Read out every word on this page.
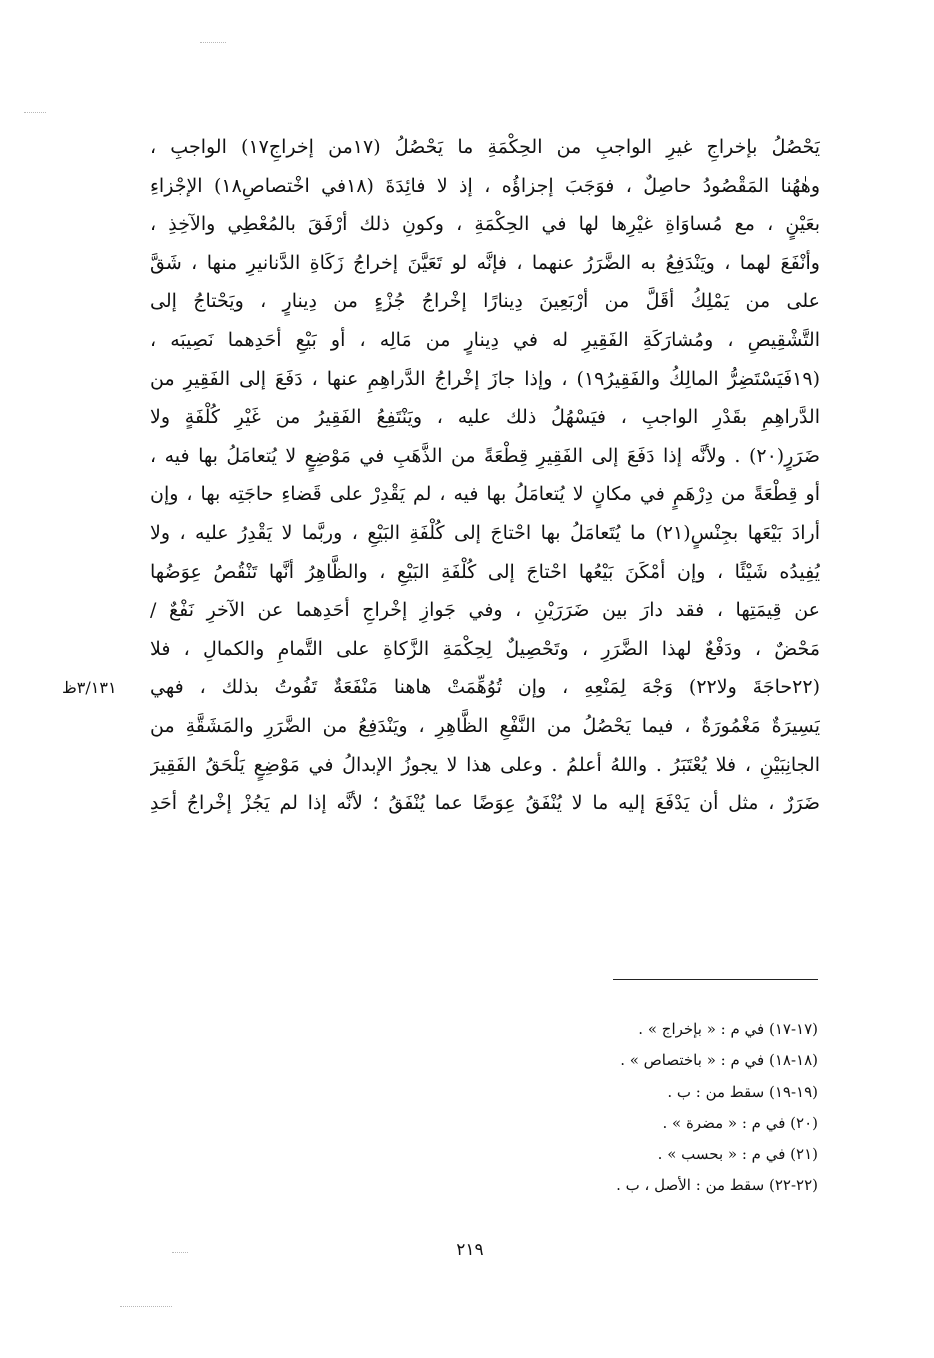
يَحْصُلُ بإخراجِ غيرِ الواجبِ من الحِكْمَةِ ما يَحْصُلُ (١٧من إخراجِ١٧) الواجبِ ،
وهٰهُنا المَقْصُودُ حاصِلٌ ، فوَجَبَ إجزاؤُه ، إذ لا فائِدَةَ (١٨في اخْتصاصِ١٨) الإجْزاءِ
بعَيْنٍ ، مع مُساوَاةِ غيْرِها لها في الحِكْمَةِ ، وكونِ ذلك أرْفَقَ بالمُعْطِي والآخِذِ ،
وأنْفَعَ لهما ، ويَنْدَفِعُ به الضَّرَرُ عنهما ، فإنَّه لو تَعَيَّنَ إخراجُ زَكَاةِ الدَّنانيرِ منها ، شَقَّ
على من يَمْلِكُ أقَلَّ من أرْبَعِينَ دِينارًا إخْراجُ جُزْءٍ من دِينارٍ ، ويَحْتاجُ إلى
التَّشْقِيصِ ، ومُشارَكَةِ الفَقِيرِ له في دِينارٍ من مَالِه ، أو بَيْعِ أحَدِهما نَصِيبَه ،
(١٩فَيَسْتَضِرُّ المالِكُ والفَقِيرُ١٩) ، وإذا جازَ إخْراجُ الدَّراهِمِ عنها ، دَفَعَ إلى الفَقِيرِ من
الدَّراهِمِ بقَدْرِ الواجبِ ، فيَسْهُلُ ذلك عليه ، ويَنْتَفِعُ الفَقِيرُ من غَيْرِ كُلْفَةٍ ولا
ضَرَرٍ(٢٠) . ولأنَّه إذا دَفَعَ إلى الفَقِيرِ قِطْعَةً من الذَّهَبِ في مَوْضِعٍ لا يُتعامَلُ بها فيه ،
أو قِطْعَةً من دِرْهَمٍ في مكانٍ لا يُتعامَلُ بها فيه ، لم يَقْدِرْ على قَضاءِ حاجَتِه بها ، وإن
أرادَ بَيْعَها بجِنْسٍ(٢١) ما يُتَعامَلُ بها احْتاجَ إلى كُلْفَةِ البَيْعِ ، وربَّما لا يَقْدِرُ عليه ، ولا
يُفِيدُه شَيْئًا ، وإن أمْكَنَ بَيْعُها احْتاجَ إلى كُلْفَةِ البَيْعِ ، والظَّاهِرُ أنَّها تَنْقُصُ عِوَضُها
عن قِيمَتِها ، فقد دارَ بين ضَرَرَيْنِ ، وفي جَوازِ إخْراجِ أحَدِهما عن الآخرِ نَفْعٌ /
مَحْضٌ ، ودَفْعٌ لهذا الضَّرَرِ ، وتَحْصِيلٌ لِحِكْمَةِ الزَّكاةِ على التَّمامِ والكمالِ ، فلا
(٢٢حاجَةَ ولا٢٢) وَجْهَ لِمَنْعِهِ ، وإن تُوُهِّمَتْ هاهنا مَنْفَعَةٌ تَفُوتُ بذلك ، فهي
يَسِيرَةٌ مَغْمُورَةٌ ، فيما يَحْصُلُ من النَّفْعِ الظَّاهِرِ ، ويَنْدَفِعُ من الضَّرَرِ والمَشَقَّةِ من
الجانِبَيْنِ ، فلا يُعْتَبَرُ . واللهُ أعلمُ . وعلى هذا لا يجوزُ الإبدالُ في مَوْضِعٍ يَلْحَقُ الفَقِيرَ
ضَرَرٌ ، مثل أن يَدْفَعَ إليه ما لا يُنْفَقُ عِوَضًا عما يُنْفَقُ ؛ لأنَّه إذا لم يَجُزْ إخْراجُ أحَدِ
٣/١٣١ظ
(١٧-١٧) في م : « بإخراج » .
(١٨-١٨) في م : « باختصاص » .
(١٩-١٩) سقط من : ب .
(٢٠) في م : « مضرة » .
(٢١) في م : « بحسب » .
(٢٢-٢٢) سقط من : الأصل ، ب .
٢١٩
